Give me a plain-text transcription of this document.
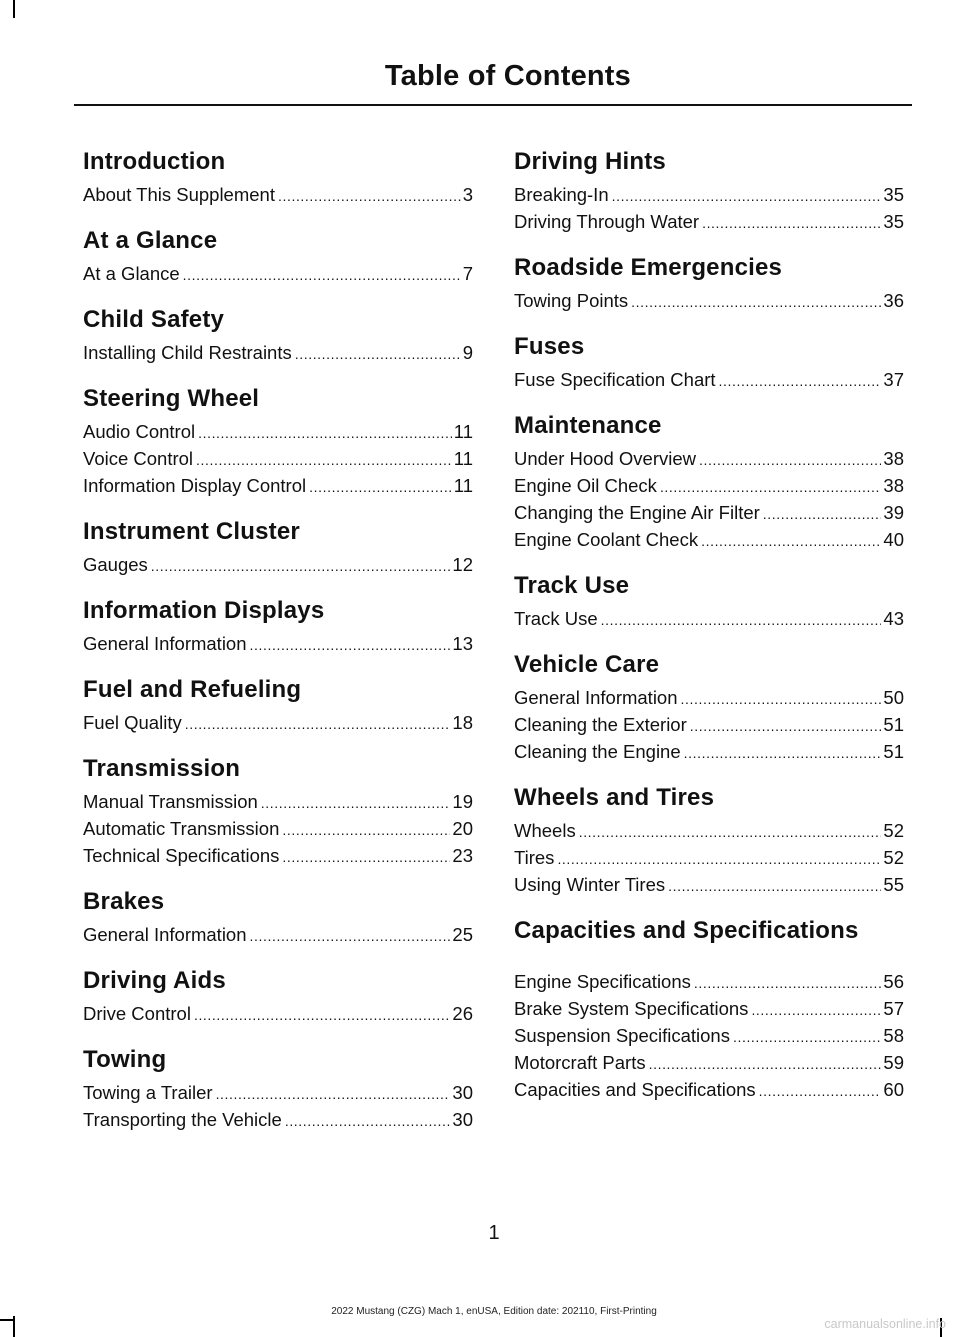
Table of Contents
Introduction
About This Supplement .....	3
At a Glance
At a Glance .....	7
Child Safety
Installing Child Restraints .....	9
Steering Wheel
Audio Control .....	11
Voice Control .....	11
Information Display Control .....	11
Instrument Cluster
Gauges .....	12
Information Displays
General Information .....	13
Fuel and Refueling
Fuel Quality .....	18
Transmission
Manual Transmission .....	19
Automatic Transmission .....	20
Technical Specifications .....	23
Brakes
General Information .....	25
Driving Aids
Drive Control .....	26
Towing
Towing a Trailer .....	30
Transporting the Vehicle .....	30
Driving Hints
Breaking-In .....	35
Driving Through Water .....	35
Roadside Emergencies
Towing Points .....	36
Fuses
Fuse Specification Chart .....	37
Maintenance
Under Hood Overview .....	38
Engine Oil Check .....	38
Changing the Engine Air Filter .....	39
Engine Coolant Check .....	40
Track Use
Track Use .....	43
Vehicle Care
General Information .....	50
Cleaning the Exterior .....	51
Cleaning the Engine .....	51
Wheels and Tires
Wheels .....	52
Tires .....	52
Using Winter Tires .....	55
Capacities and Specifications
Engine Specifications .....	56
Brake System Specifications .....	57
Suspension Specifications .....	58
Motorcraft Parts .....	59
Capacities and Specifications .....	60
1
2022 Mustang (CZG) Mach 1, enUSA, Edition date: 202110, First-Printing
carmanualsonline.info
